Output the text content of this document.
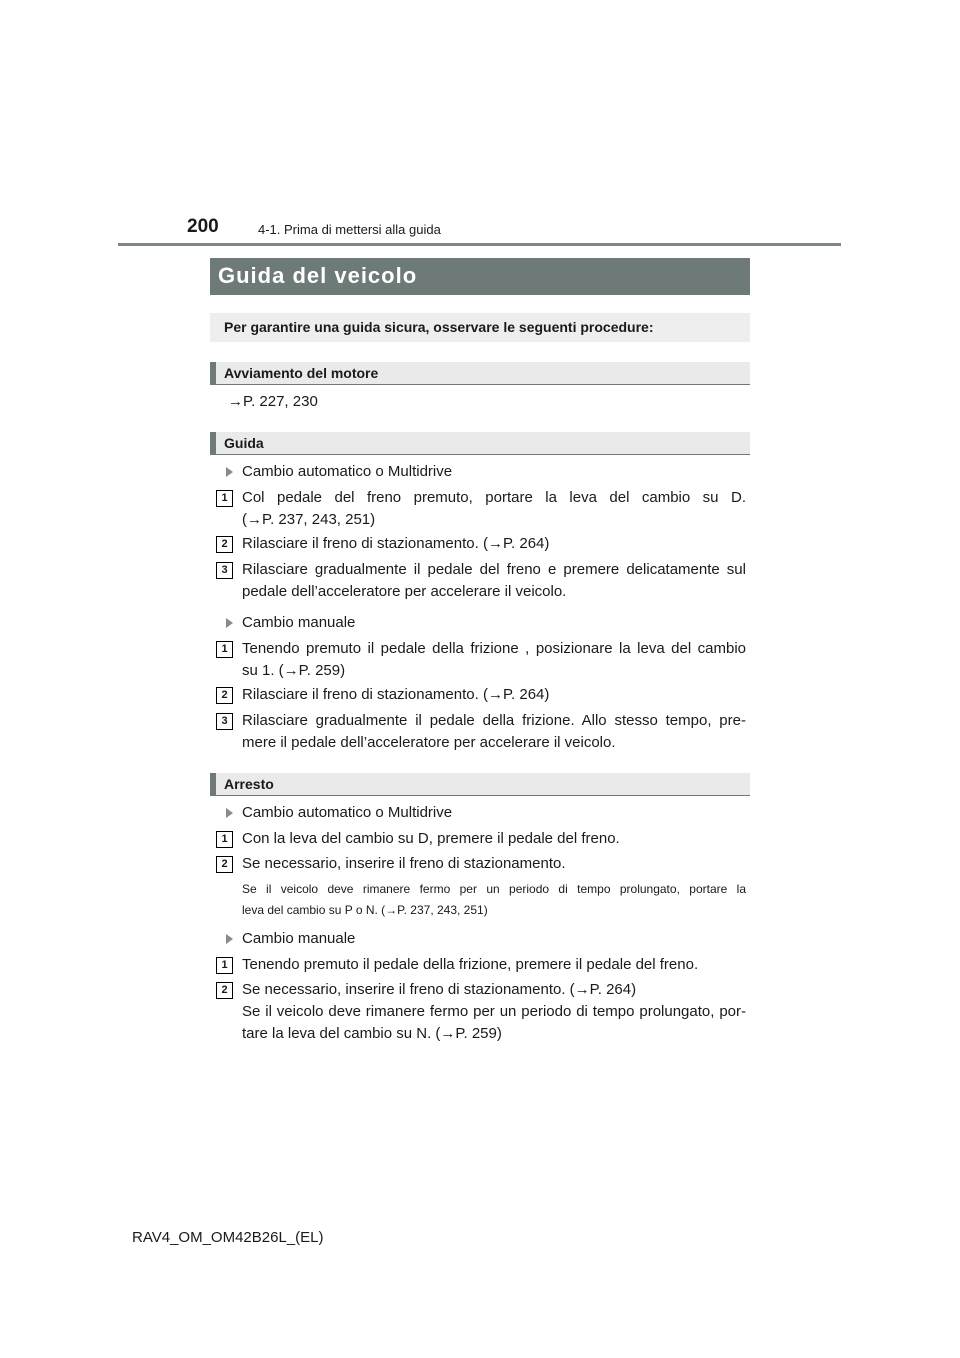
200	4-1. Prima di mettersi alla guida
Guida del veicolo
Per garantire una guida sicura, osservare le seguenti procedure:
Avviamento del motore
→P. 227, 230
Guida
Cambio automatico o Multidrive
1 Col pedale del freno premuto, portare la leva del cambio su D.
(→P. 237, 243, 251)
2 Rilasciare il freno di stazionamento. (→P. 264)
3 Rilasciare gradualmente il pedale del freno e premere delicatamente sul
pedale dell’acceleratore per accelerare il veicolo.
Cambio manuale
1 Tenendo premuto il pedale della frizione , posizionare la leva del cambio
su 1. (→P. 259)
2 Rilasciare il freno di stazionamento. (→P. 264)
3 Rilasciare gradualmente il pedale della frizione. Allo stesso tempo, pre-
mere il pedale dell’acceleratore per accelerare il veicolo.
Arresto
Cambio automatico o Multidrive
1 Con la leva del cambio su D, premere il pedale del freno.
2 Se necessario, inserire il freno di stazionamento.
Se il veicolo deve rimanere fermo per un periodo di tempo prolungato, portare la
leva del cambio su P o N. (→P. 237, 243, 251)
Cambio manuale
1 Tenendo premuto il pedale della frizione, premere il pedale del freno.
2 Se necessario, inserire il freno di stazionamento. (→P. 264)
Se il veicolo deve rimanere fermo per un periodo di tempo prolungato, por-
tare la leva del cambio su N. (→P. 259)
RAV4_OM_OM42B26L_(EL)
